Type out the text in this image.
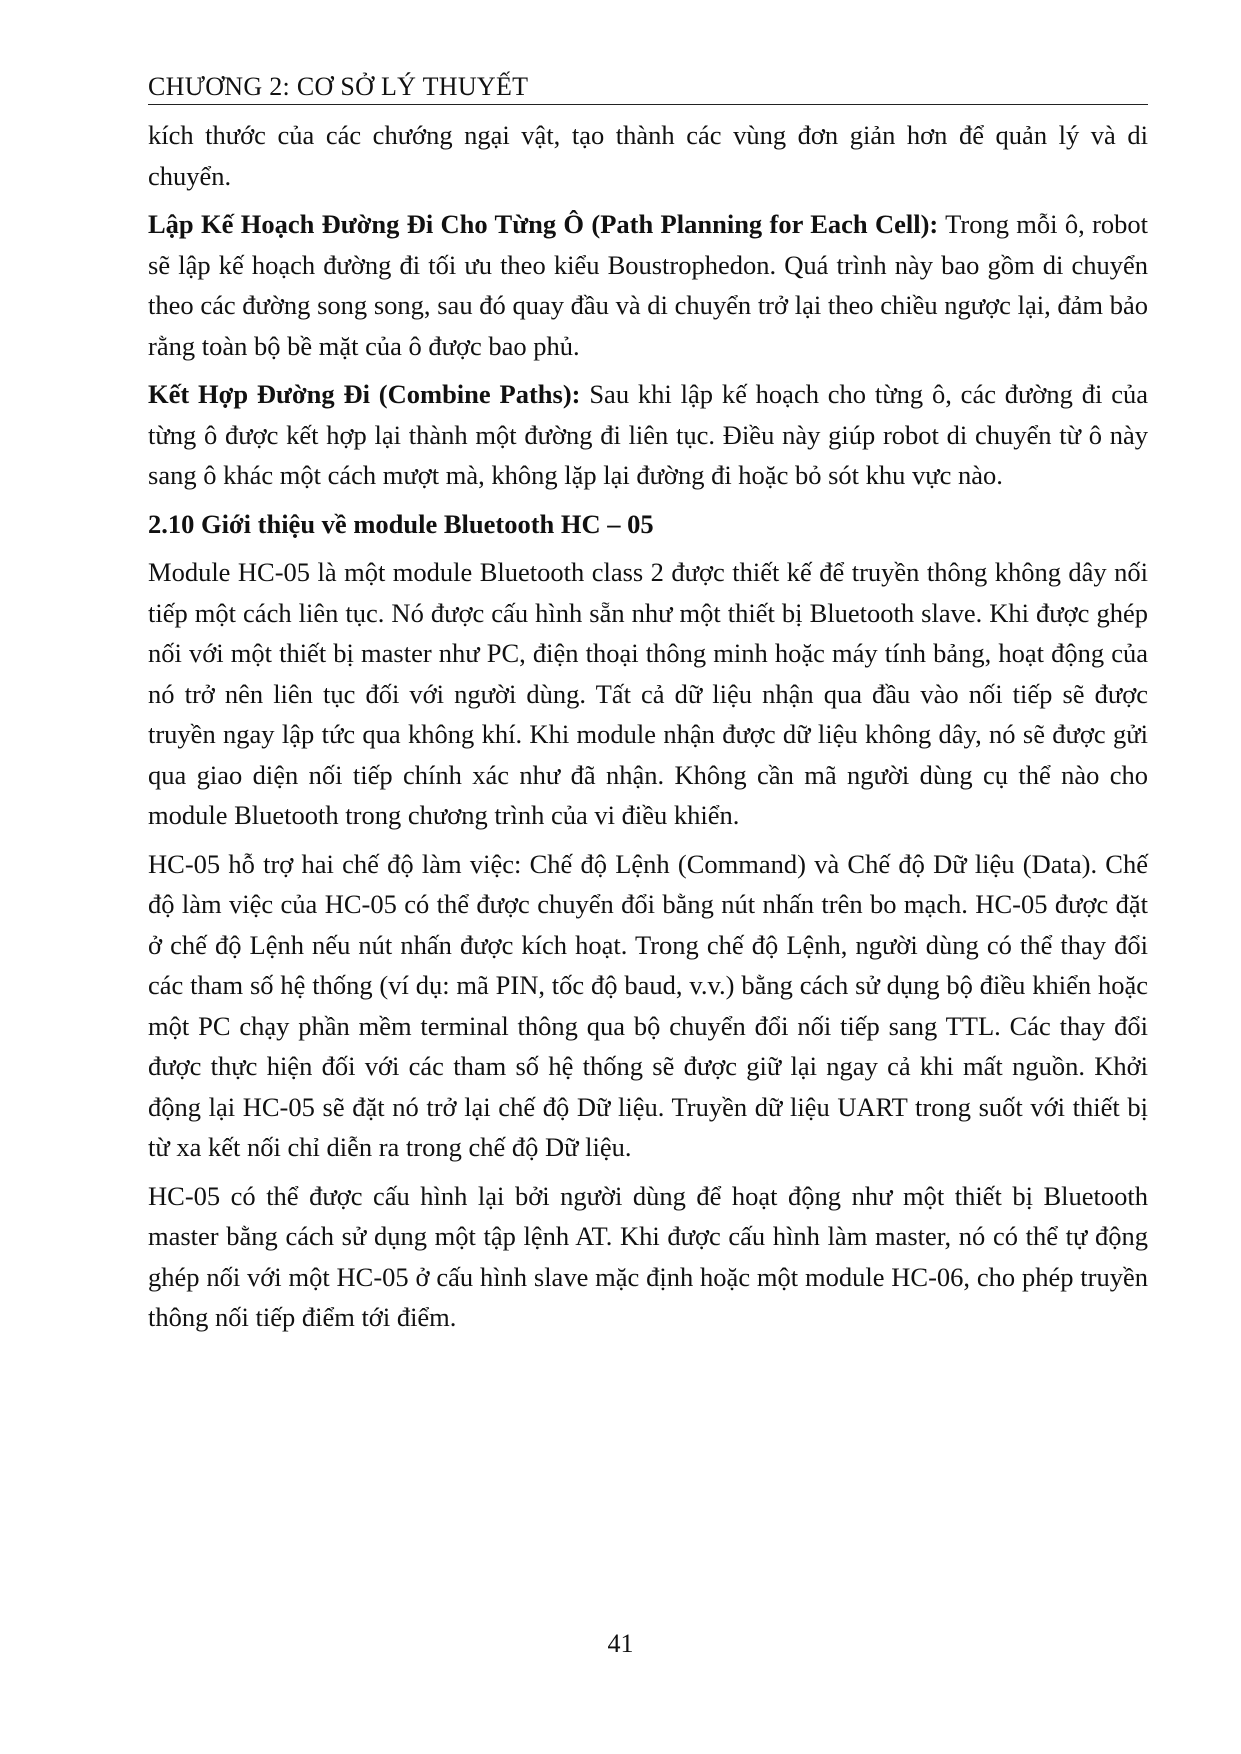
CHƯƠNG 2: CƠ SỞ LÝ THUYẾT

kích thước của các chướng ngại vật, tạo thành các vùng đơn giản hơn để quản lý và di chuyển.

Lập Kế Hoạch Đường Đi Cho Từng Ô (Path Planning for Each Cell): Trong mỗi ô, robot sẽ lập kế hoạch đường đi tối ưu theo kiểu Boustrophedon. Quá trình này bao gồm di chuyển theo các đường song song, sau đó quay đầu và di chuyển trở lại theo chiều ngược lại, đảm bảo rằng toàn bộ bề mặt của ô được bao phủ.

Kết Hợp Đường Đi (Combine Paths): Sau khi lập kế hoạch cho từng ô, các đường đi của từng ô được kết hợp lại thành một đường đi liên tục. Điều này giúp robot di chuyển từ ô này sang ô khác một cách mượt mà, không lặp lại đường đi hoặc bỏ sót khu vực nào.

2.10 Giới thiệu về module Bluetooth HC – 05

Module HC-05 là một module Bluetooth class 2 được thiết kế để truyền thông không dây nối tiếp một cách liên tục. Nó được cấu hình sẵn như một thiết bị Bluetooth slave. Khi được ghép nối với một thiết bị master như PC, điện thoại thông minh hoặc máy tính bảng, hoạt động của nó trở nên liên tục đối với người dùng. Tất cả dữ liệu nhận qua đầu vào nối tiếp sẽ được truyền ngay lập tức qua không khí. Khi module nhận được dữ liệu không dây, nó sẽ được gửi qua giao diện nối tiếp chính xác như đã nhận. Không cần mã người dùng cụ thể nào cho module Bluetooth trong chương trình của vi điều khiển.

HC-05 hỗ trợ hai chế độ làm việc: Chế độ Lệnh (Command) và Chế độ Dữ liệu (Data). Chế độ làm việc của HC-05 có thể được chuyển đổi bằng nút nhấn trên bo mạch. HC-05 được đặt ở chế độ Lệnh nếu nút nhấn được kích hoạt. Trong chế độ Lệnh, người dùng có thể thay đổi các tham số hệ thống (ví dụ: mã PIN, tốc độ baud, v.v.) bằng cách sử dụng bộ điều khiển hoặc một PC chạy phần mềm terminal thông qua bộ chuyển đổi nối tiếp sang TTL. Các thay đổi được thực hiện đối với các tham số hệ thống sẽ được giữ lại ngay cả khi mất nguồn. Khởi động lại HC-05 sẽ đặt nó trở lại chế độ Dữ liệu. Truyền dữ liệu UART trong suốt với thiết bị từ xa kết nối chỉ diễn ra trong chế độ Dữ liệu.

HC-05 có thể được cấu hình lại bởi người dùng để hoạt động như một thiết bị Bluetooth master bằng cách sử dụng một tập lệnh AT. Khi được cấu hình làm master, nó có thể tự động ghép nối với một HC-05 ở cấu hình slave mặc định hoặc một module HC-06, cho phép truyền thông nối tiếp điểm tới điểm.

41
